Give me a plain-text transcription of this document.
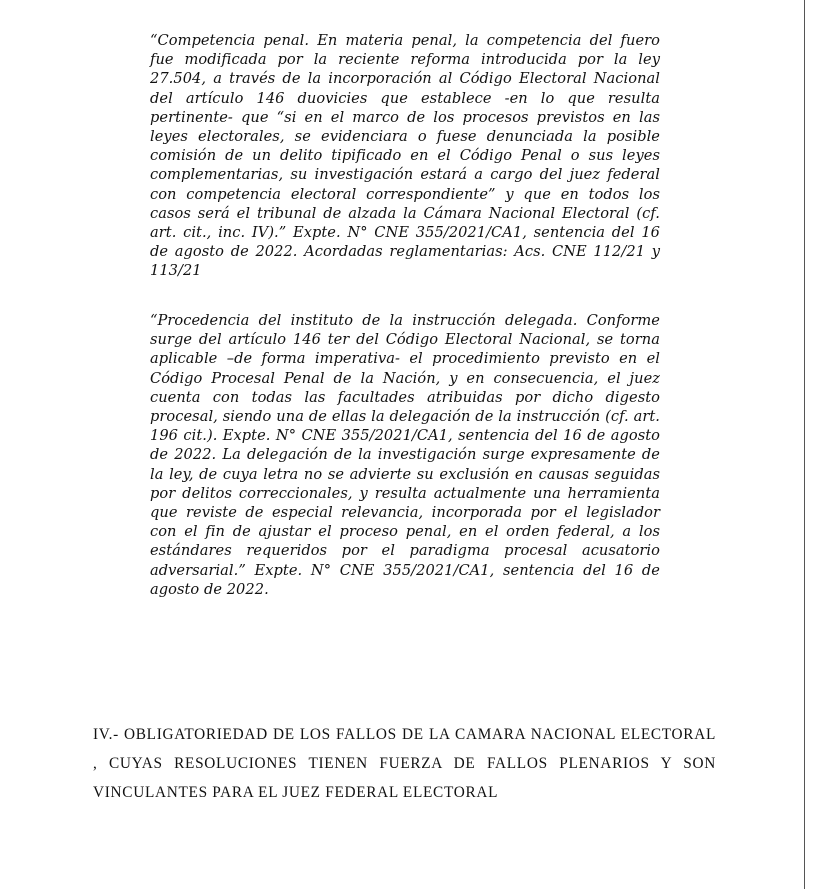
“Competencia penal. En materia penal, la competencia del fuero fue modificada por la reciente reforma introducida por la ley 27.504, a través de la incorporación al Código Electoral Nacional del artículo 146 duovicies que establece -en lo que resulta pertinente- que “si en el marco de los procesos previstos en las leyes electorales, se evidenciara o fuese denunciada la posible comisión de un delito tipificado en el Código Penal o sus leyes complementarias, su investigación estará a cargo del juez federal con competencia electoral correspondiente” y que en todos los casos será el tribunal de alzada la Cámara Nacional Electoral (cf. art. cit., inc. IV).” Expte. N° CNE 355/2021/CA1, sentencia del 16 de agosto de 2022. Acordadas reglamentarias: Acs. CNE 112/21 y 113/21

“Procedencia del instituto de la instrucción delegada. Conforme surge del artículo 146 ter del Código Electoral Nacional, se torna aplicable –de forma imperativa- el procedimiento previsto en el Código Procesal Penal de la Nación, y en consecuencia, el juez cuenta con todas las facultades atribuidas por dicho digesto procesal, siendo una de ellas la delegación de la instrucción (cf. art. 196 cit.). Expte. N° CNE 355/2021/CA1, sentencia del 16 de agosto de 2022. La delegación de la investigación surge expresamente de la ley, de cuya letra no se advierte su exclusión en causas seguidas por delitos correccionales, y resulta actualmente una herramienta que reviste de especial relevancia, incorporada por el legislador con el fin de ajustar el proceso penal, en el orden federal, a los estándares requeridos por el paradigma procesal acusatorio adversarial.” Expte. N° CNE 355/2021/CA1, sentencia del 16 de agosto de 2022.

IV.- OBLIGATORIEDAD DE LOS FALLOS DE LA CAMARA NACIONAL ELECTORAL , CUYAS RESOLUCIONES TIENEN FUERZA DE FALLOS PLENARIOS Y SON VINCULANTES PARA EL JUEZ FEDERAL ELECTORAL
